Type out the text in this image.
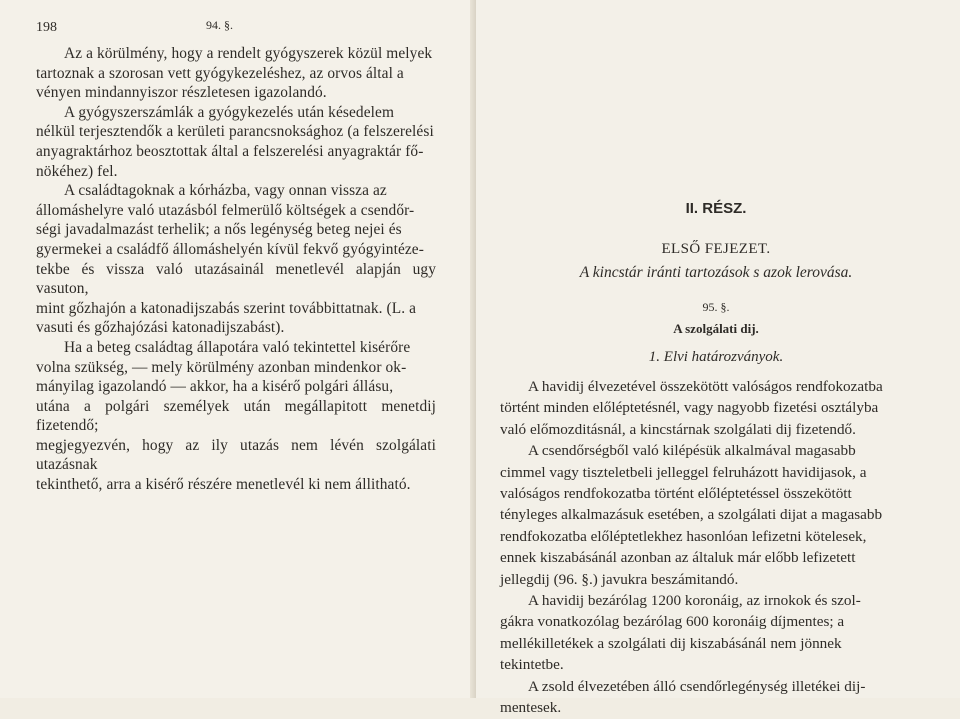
198	94. §.
Az a körülmény, hogy a rendelt gyógyszerek közül melyek
tartoznak a szorosan vett gyógykezeléshez, az orvos által a
vényen mindannyiszor részletesen igazolandó.
A gyógyszerszámlák a gyógykezelés után késedelem
nélkül terjesztendők a kerületi parancsnoksághoz (a felszerelési
anyagraktárhoz beosztottak által a felszerelési anyagraktár fő-
nökéhez) fel.
A családtagoknak a kórházba, vagy onnan vissza az
állomáshelyre való utazásból felmerülő költségek a csendőr-
ségi javadalmazást terhelik; a nős legénység beteg nejei és
gyermekei a családfő állomáshelyén kívül fekvő gyógyintéze-
tekbe és vissza való utazásainál menetlevél alapján ugy vasuton,
mint gőzhajón a katonadijszabás szerint továbbittatnak. (L. a
vasuti és gőzhajózási katonadijszabást).
Ha a beteg családtag állapotára való tekintettel kisérőre
volna szükség, — mely körülmény azonban mindenkor ok-
mányilag igazolandó — akkor, ha a kisérő polgári állásu,
utána a polgári személyek után megállapitott menetdij fizetendő;
megjegyezvén, hogy az ily utazás nem lévén szolgálati utazásnak
tekinthető, arra a kisérő részére menetlevél ki nem állitható.
II. RÉSZ.
ELSŐ FEJEZET.
A kincstár iránti tartozások s azok lerovása.
95. §.
A szolgálati dij.
1. Elvi határozványok.
A havidij élvezetével összekötött valóságos rendfokozatba
történt minden előléptetésnél, vagy nagyobb fizetési osztályba
való előmozditásnál, a kincstárnak szolgálati dij fizetendő.
A csendőrségből való kilépésük alkalmával magasabb
cimmel vagy tiszteletbeli jelleggel felruházott havidijasok, a
valóságos rendfokozatba történt előléptetéssel összekötött
tényleges alkalmazásuk esetében, a szolgálati dijat a magasabb
rendfokozatba előléptetlekhez hasonlóan lefizetni kötelesek,
ennek kiszabásánál azonban az általuk már előbb lefizetett
jellegdij (96. §.) javukra beszámitandó.
A havidij bezárólag 1200 koronáig, az irnokok és szol-
gákra vonatkozólag bezárólag 600 koronáig díjmentes; a
mellékilletékek a szolgálati dij kiszabásánál nem jönnek
tekintetbe.
A zsold élvezetében álló csendőrlegénység illetékei dij-
mentesek.
